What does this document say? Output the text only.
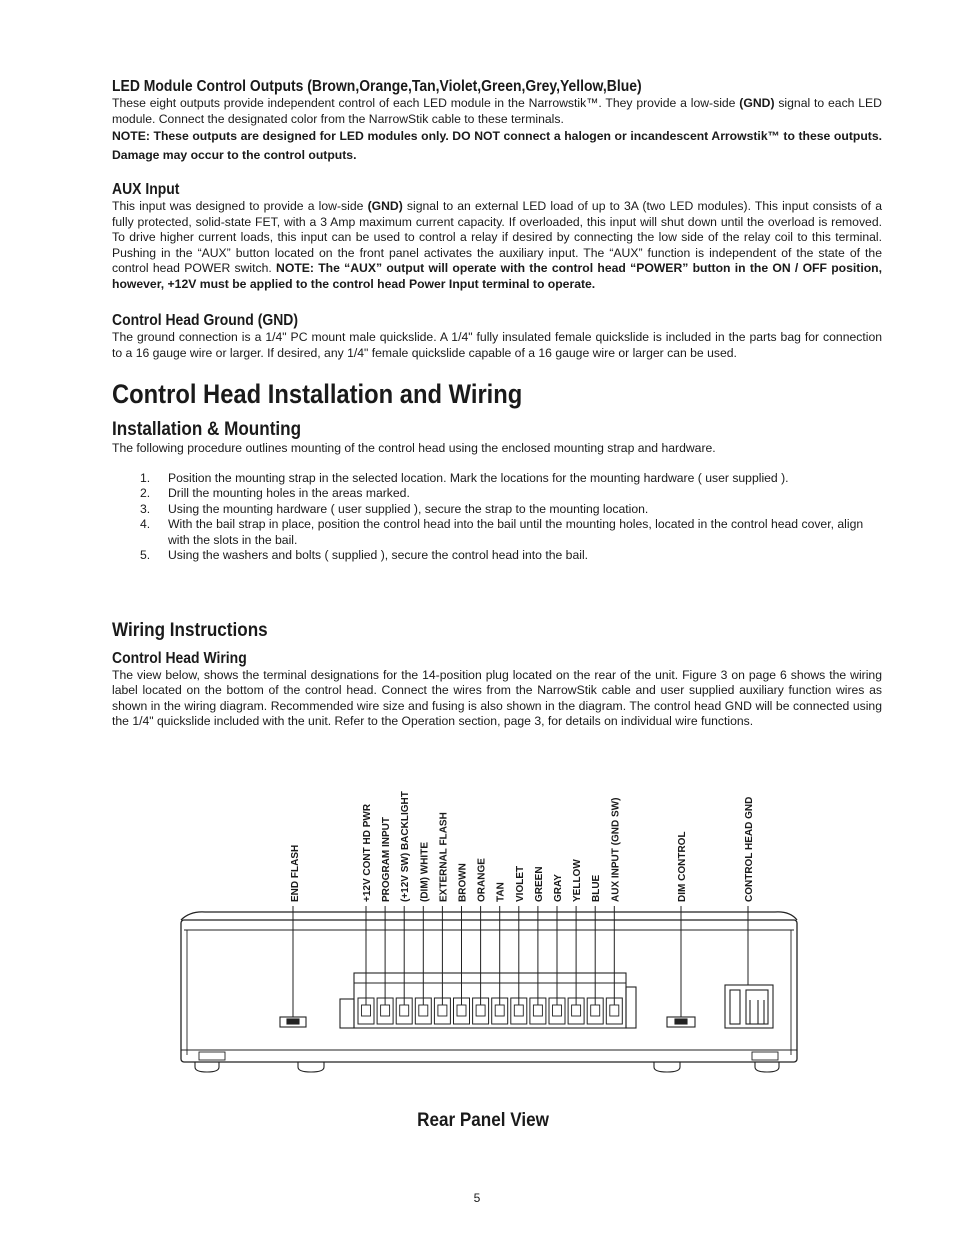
LED Module Control Outputs (Brown,Orange,Tan,Violet,Green,Grey,Yellow,Blue)

These eight outputs provide independent control of each LED module in the Narrowstik™. They provide a low-side (GND) signal to each LED module. Connect the designated color from the NarrowStik cable to these terminals.

NOTE: These outputs are designed for LED modules only. DO NOT connect a halogen or incandescent Arrowstik™ to these outputs. Damage may occur to the control outputs.

AUX Input

This input was designed to provide a low-side (GND) signal to an external LED load of up to 3A (two LED modules). This input consists of a fully protected, solid-state FET, with a 3 Amp maximum current capacity. If overloaded, this input will shut down until the overload is removed. To drive higher current loads, this input can be used to control a relay if desired by connecting the low side of the relay coil to this terminal. Pushing in the “AUX” button located on the front panel activates the auxiliary input. The “AUX” function is independent of the state of the control head POWER switch. NOTE: The “AUX” output will operate with the control head “POWER” button in the ON / OFF position, however, +12V must be applied to the control head Power Input terminal to operate.

Control Head Ground (GND)

The ground connection is a 1/4" PC mount male quickslide. A 1/4" fully insulated female quickslide is included in the parts bag for connection to a 16 gauge wire or larger. If desired, any 1/4" female quickslide capable of a 16 gauge wire or larger can be used.

Control Head Installation and Wiring
Installation & Mounting

The following procedure outlines mounting of the control head using the enclosed mounting strap and hardware.

1. Position the mounting strap in the selected location. Mark the locations for the mounting hardware ( user supplied ).
2. Drill the mounting holes in the areas marked.
3. Using the mounting hardware ( user supplied ), secure the strap to the mounting location.
4. With the bail strap in place, position the control head into the bail until the mounting holes, located in the control head cover, align with the slots in the bail.
5. Using the washers and bolts ( supplied ), secure the control head into the bail.
Wiring Instructions
Control Head Wiring

The view below, shows the terminal designations for the 14-position plug located on the rear of the unit. Figure 3 on page 6 shows the wiring label located on the bottom of the control head. Connect the wires from the NarrowStik cable and user supplied auxiliary function wires as shown in the wiring diagram. Recommended wire size and fusing is also shown in the diagram. The control head GND will be connected using the 1/4" quickslide included with the unit. Refer to the Operation section, page 3, for details on individual wire functions.

END FLASH	+12V CONT HD PWR PROGRAM INPUT (+12V SW) BACKLIGHT (DIM) WHITE EXTERNAL FLASH BROWN ORANGE TAN VIOLET GREEN GRAY YELLOW BLUE AUX INPUT (GND SW)	DIM CONTROL	CONTROL HEAD GND
Rear Panel View
5
